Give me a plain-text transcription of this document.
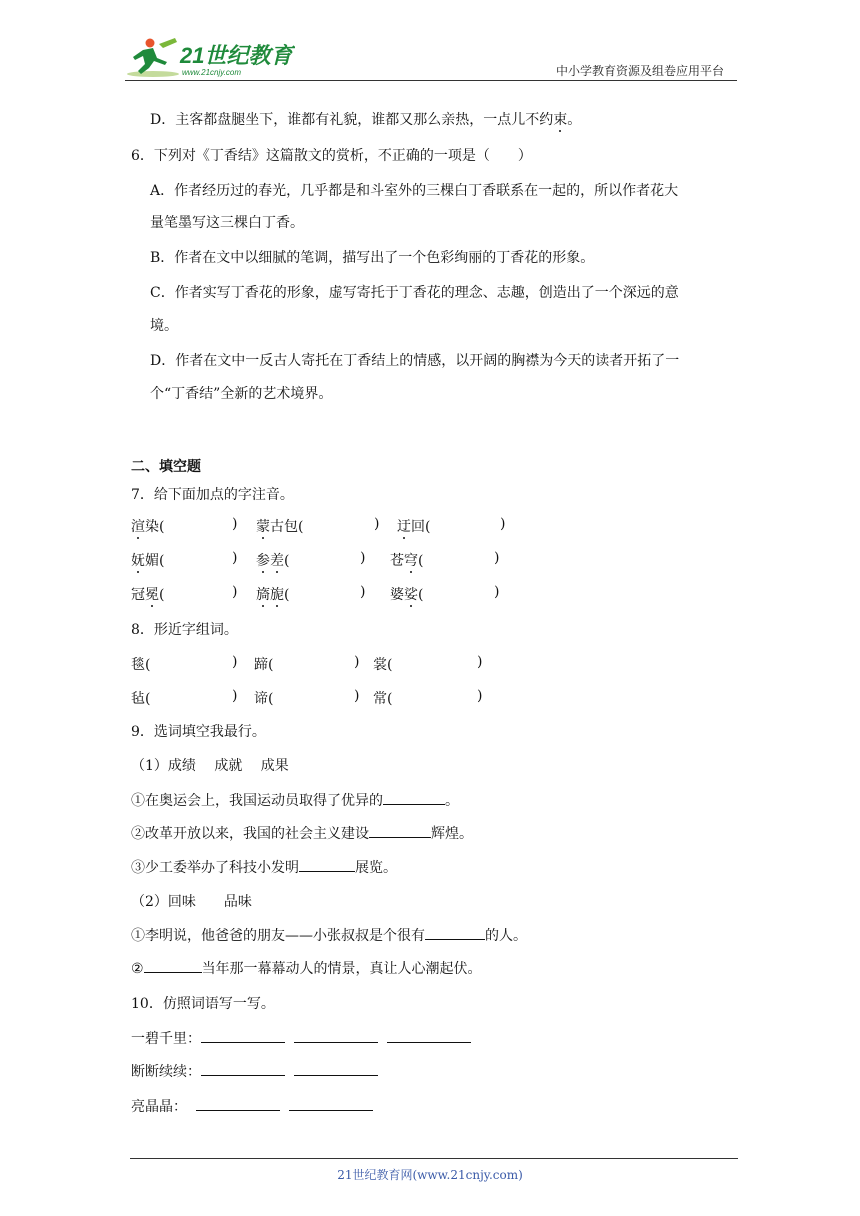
21世纪教育
www.21cnjy.com	中小学教育资源及组卷应用平台
D．主客都盘腿坐下，谁都有礼貌，谁都又那么亲热，一点儿不约束。
6．下列对《丁香结》这篇散文的赏析，不正确的一项是（　　）
A．作者经历过的春光，几乎都是和斗室外的三棵白丁香联系在一起的，所以作者花大
量笔墨写这三棵白丁香。
B．作者在文中以细腻的笔调，描写出了一个色彩绚丽的丁香花的形象。
C．作者实写丁香花的形象，虚写寄托于丁香花的理念、志趣，创造出了一个深远的意
境。
D．作者在文中一反古人寄托在丁香结上的情感，以开阔的胸襟为今天的读者开拓了一
个“丁香结”全新的艺术境界。
二、填空题
7．给下面加点的字注音。
渲染(	) 蒙古包(	) 迂回(	)
妩媚(	) 参差(	) 苍穹(	)
冠冕(	) 旖旎(	) 婆娑(	)
8．形近字组词。
毯(	) 蹄(	) 裳(	)
毡(	) 谛(	) 常(	)
9．选词填空我最行。
（1）成绩　 成就　 成果
①在奥运会上，我国运动员取得了优异的	。
②改革开放以来，我国的社会主义建设	辉煌。
③少工委举办了科技小发明	展览。
（2）回味　　品味
①李明说，他爸爸的朋友——小张叔叔是个很有	的人。
②	当年那一幕幕动人的情景，真让人心潮起伏。
10．仿照词语写一写。
一碧千里：
断断续续：
亮晶晶：
21世纪教育网(www.21cnjy.com)
